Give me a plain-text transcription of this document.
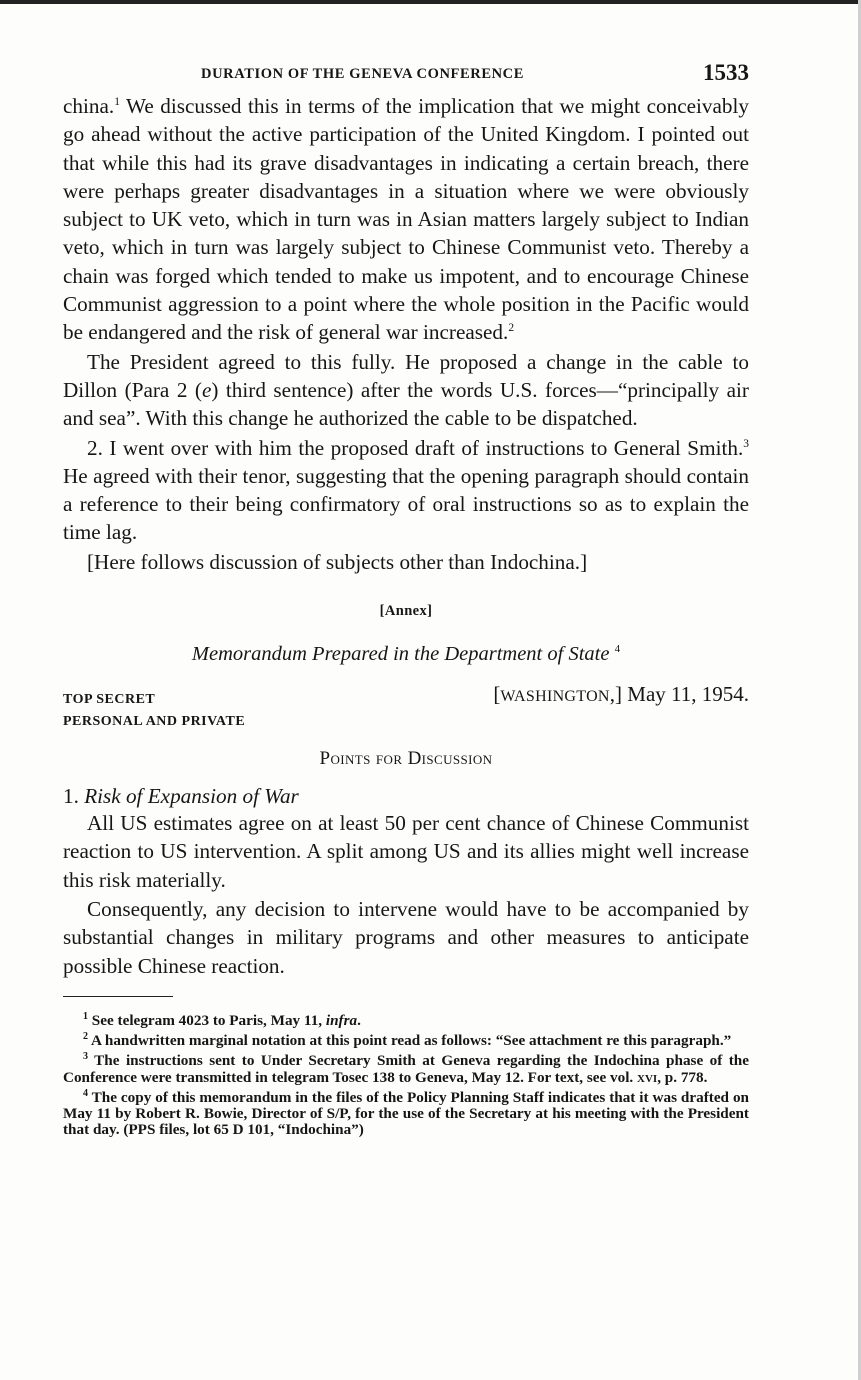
DURATION OF THE GENEVA CONFERENCE	1533

china.$^1$ We discussed this in terms of the implication that we might conceivably go ahead without the active participation of the United Kingdom. I pointed out that while this had its grave disadvantages in indicating a certain breach, there were perhaps greater disadvantages in a situation where we were obviously subject to UK veto, which in turn was in Asian matters largely subject to Indian veto, which in turn was largely subject to Chinese Communist veto. Thereby a chain was forged which tended to make us impotent, and to encourage Chinese Communist aggression to a point where the whole position in the Pacific would be endangered and the risk of general war increased.$^2$

The President agreed to this fully. He proposed a change in the cable to Dillon (Para 2 (e) third sentence) after the words U.S. forces—“principally air and sea”. With this change he authorized the cable to be dispatched.

2. I went over with him the proposed draft of instructions to General Smith.$^3$ He agreed with their tenor, suggesting that the opening paragraph should contain a reference to their being confirmatory of oral instructions so as to explain the time lag.

[Here follows discussion of subjects other than Indochina.]

[Annex]
Memorandum Prepared in the Department of State $^4$
TOP SECRET	[WASHINGTON,] May 11, 1954.
PERSONAL AND PRIVATE
Points for Discussion
1. Risk of Expansion of War

All US estimates agree on at least 50 per cent chance of Chinese Communist reaction to US intervention. A split among US and its allies might well increase this risk materially.

Consequently, any decision to intervene would have to be accompanied by substantial changes in military programs and other measures to anticipate possible Chinese reaction.

$^1$ See telegram 4023 to Paris, May 11, infra.

$^2$ A handwritten marginal notation at this point read as follows: “See attachment re this paragraph.”

$^3$ The instructions sent to Under Secretary Smith at Geneva regarding the Indochina phase of the Conference were transmitted in telegram Tosec 138 to Geneva, May 12. For text, see vol. xvi, p. 778.

$^4$ The copy of this memorandum in the files of the Policy Planning Staff indicates that it was drafted on May 11 by Robert R. Bowie, Director of S/P, for the use of the Secretary at his meeting with the President that day. (PPS files, lot 65 D 101, “Indochina”)
